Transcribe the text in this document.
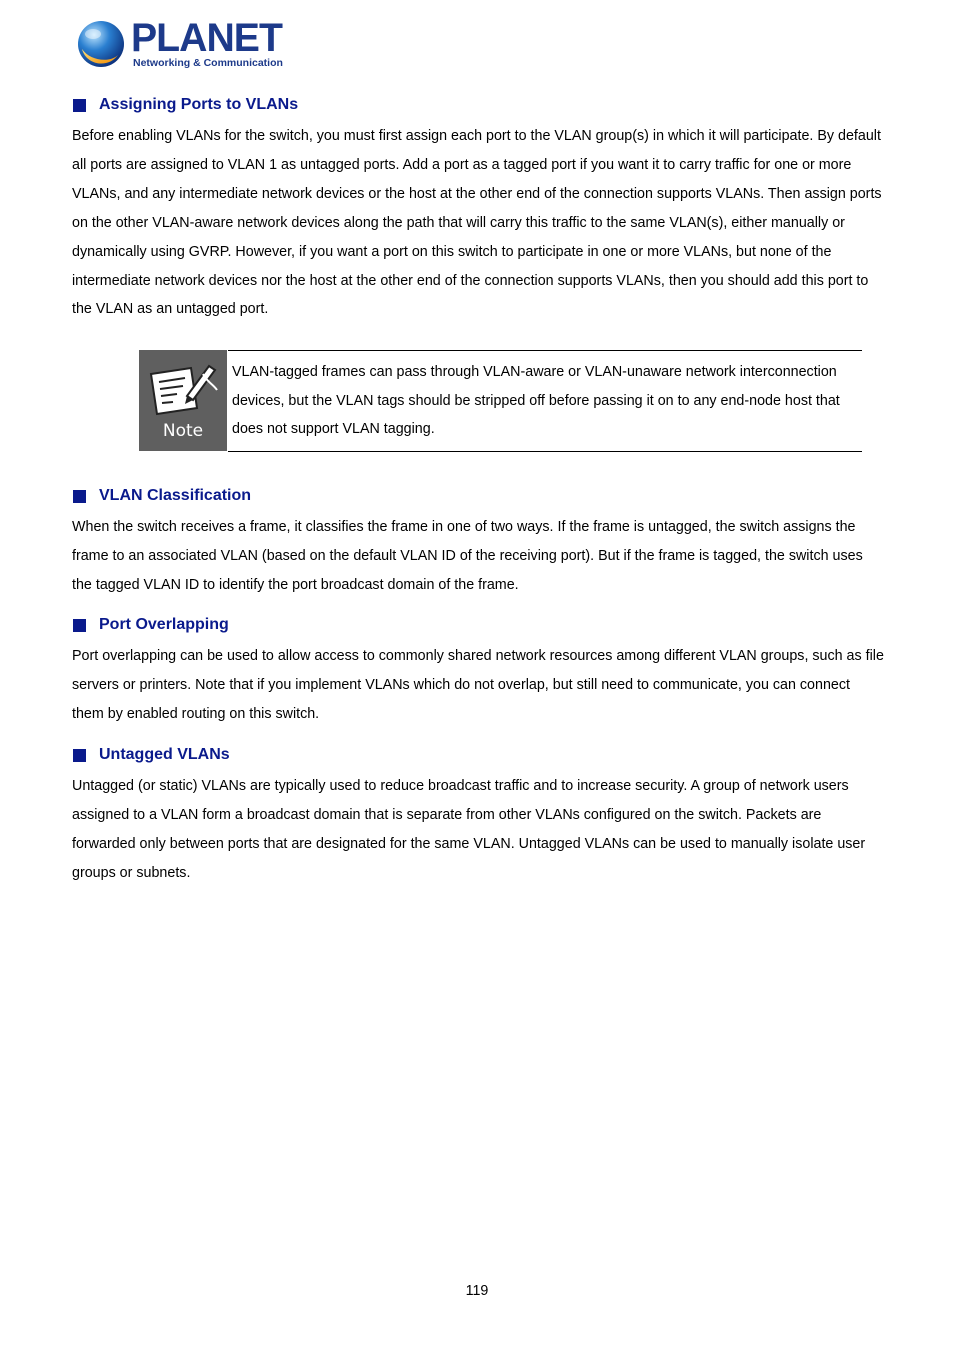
PLANET
Networking & Communication
Assigning Ports to VLANs

Before enabling VLANs for the switch, you must first assign each port to the VLAN group(s) in which it will participate. By default all ports are assigned to VLAN 1 as untagged ports. Add a port as a tagged port if you want it to carry traffic for one or more VLANs, and any intermediate network devices or the host at the other end of the connection supports VLANs. Then assign ports on the other VLAN-aware network devices along the path that will carry this traffic to the same VLAN(s), either manually or dynamically using GVRP. However, if you want a port on this switch to participate in one or more VLANs, but none of the intermediate network devices nor the host at the other end of the connection supports VLANs, then you should add this port to the VLAN as an untagged port.

Note

VLAN-tagged frames can pass through VLAN-aware or VLAN-unaware network interconnection devices, but the VLAN tags should be stripped off before passing it on to any end-node host that does not support VLAN tagging.

VLAN Classification

When the switch receives a frame, it classifies the frame in one of two ways. If the frame is untagged, the switch assigns the frame to an associated VLAN (based on the default VLAN ID of the receiving port). But if the frame is tagged, the switch uses the tagged VLAN ID to identify the port broadcast domain of the frame.

Port Overlapping

Port overlapping can be used to allow access to commonly shared network resources among different VLAN groups, such as file servers or printers. Note that if you implement VLANs which do not overlap, but still need to communicate, you can connect them by enabled routing on this switch.

Untagged VLANs

Untagged (or static) VLANs are typically used to reduce broadcast traffic and to increase security. A group of network users assigned to a VLAN form a broadcast domain that is separate from other VLANs configured on the switch. Packets are forwarded only between ports that are designated for the same VLAN. Untagged VLANs can be used to manually isolate user groups or subnets.

119
